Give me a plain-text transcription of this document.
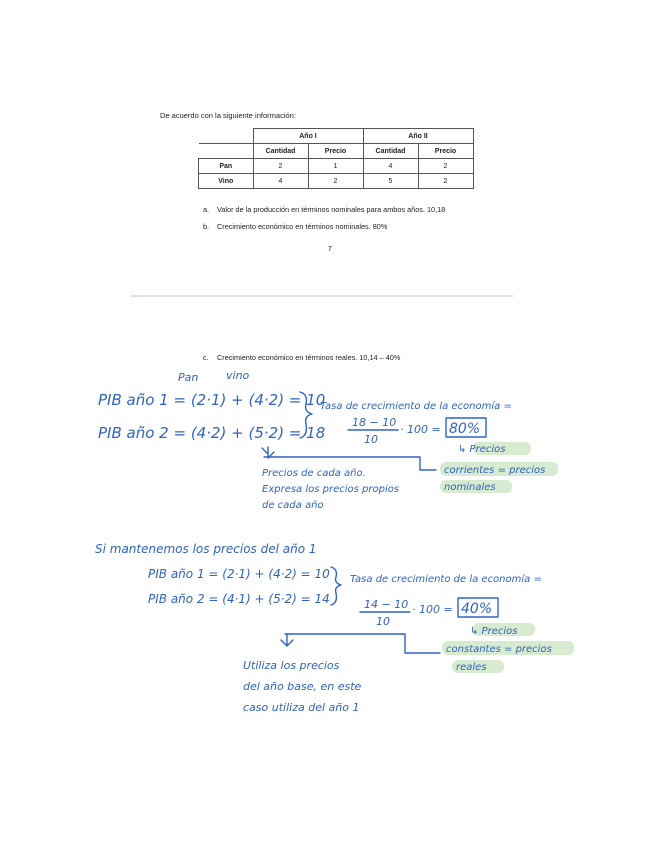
De acuerdo con la siguiente información:
	Año I		Año II	
	Cantidad	Precio	Cantidad	Precio
Pan	2	1	4	2
Vino	4	2	5	2
a. Valor de la producción en términos nominales para ambos años. 10,18
b. Crecimiento económico en términos nominales. 80%
7
c. Crecimiento económico en términos reales. 10,14 – 40%
Pan	vino
PIB año 1 = (2·1) + (4·2) = 10
PIB año 2 = (4·2) + (5·2) = 18
Tasa de crecimiento de la economía =
18 − 10
10
· 100 = 80%
↳ Precios
corrientes = precios
nominales
Precios de cada año.
Expresa los precios propios
de cada año
Si mantenemos los precios del año 1
PIB año 1 = (2·1) + (4·2) = 10
PIB año 2 = (4·1) + (5·2) = 14
Tasa de crecimiento de la economía =
14 − 10
10
· 100 = 40%
↳ Precios
constantes = precios
reales
Utiliza los precios
del año base, en este
caso utiliza del año 1
